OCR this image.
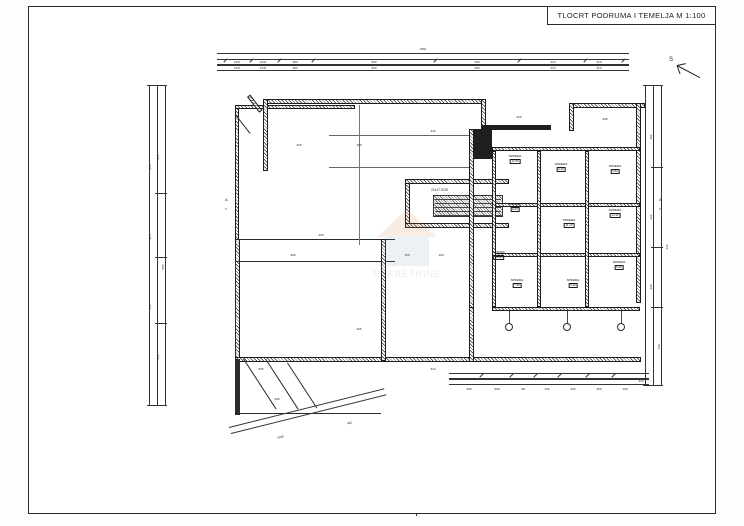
TLOCRT PODRUMA I TEMELJA M 1:100
S
1064
1437	1042	283	500	450	222	310
1437	1042	283	500	450	222	310
210
225
313
505
286
203
152
332
240
160
244
22x17.5/28
SPREMA
12.50
SPREMA
6.20
SPREMA
9.80
SPREMA
14.30
SPREMA
11.10
SPREMA
8.40
HODNIK
10.05
SPREMA
7.65
SPREMA
5.90
SPREMA
8.40
225	150
340
320	208
300	155	100
205
205
310
565
200
A
2
A
2
365	506	98	100	262	455	105
310
1045
462
NEKRETNINE
